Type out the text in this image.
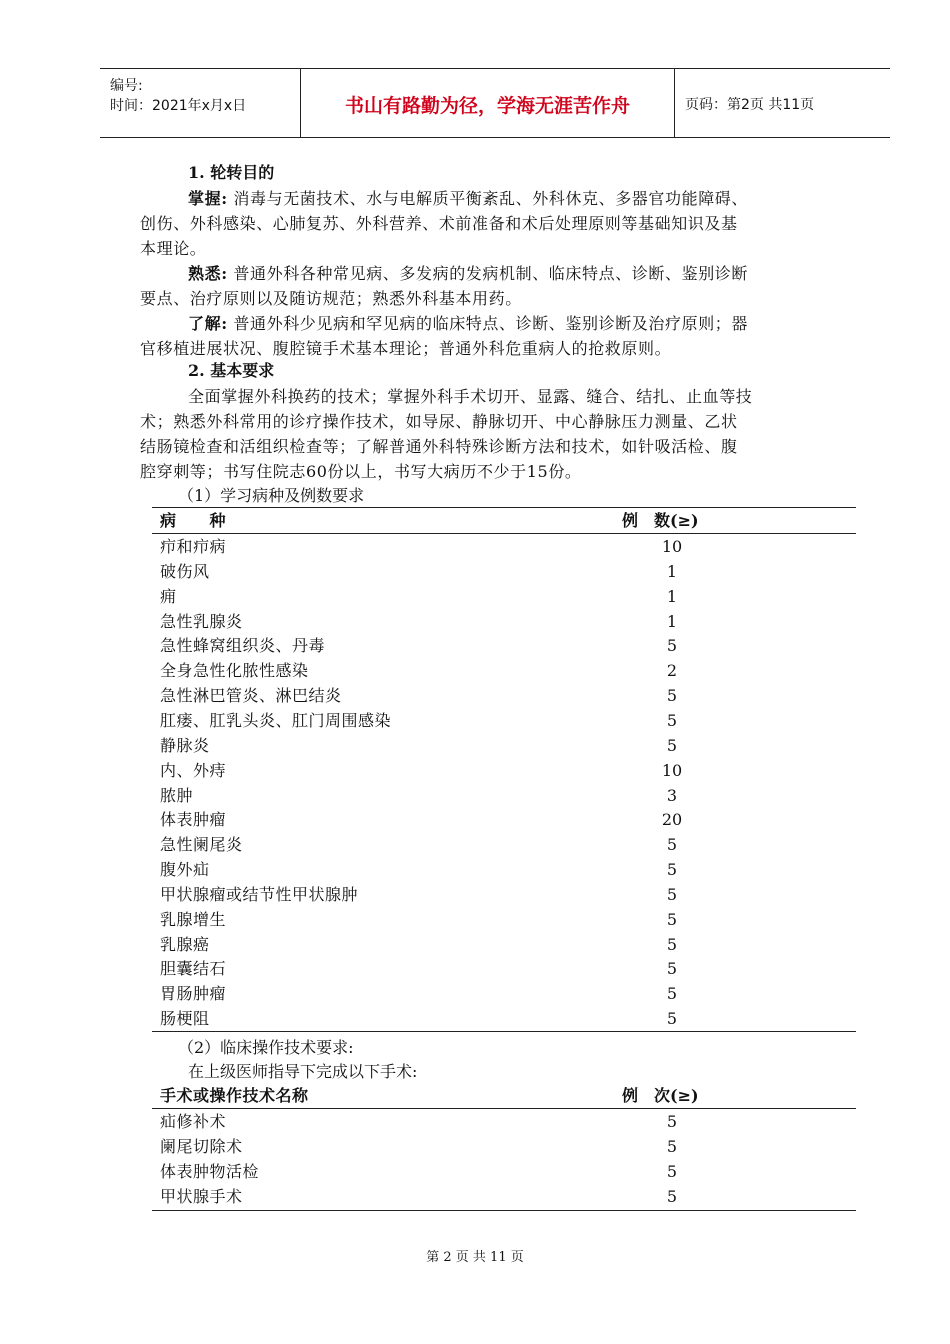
编号:
时间：2021年x月x日	书山有路勤为径，学海无涯苦作舟	页码：第2页 共11页
1. 轮转目的
掌握: 消毒与无菌技术、水与电解质平衡紊乱、外科休克、多器官功能障碍、
创伤、外科感染、心肺复苏、外科营养、术前准备和术后处理原则等基础知识及基
本理论。
熟悉: 普通外科各种常见病、多发病的发病机制、临床特点、诊断、鉴别诊断
要点、治疗原则以及随访规范；熟悉外科基本用药。
了解: 普通外科少见病和罕见病的临床特点、诊断、鉴别诊断及治疗原则；器
官移植进展状况、腹腔镜手术基本理论；普通外科危重病人的抢救原则。
2. 基本要求
全面掌握外科换药的技术；掌握外科手术切开、显露、缝合、结扎、止血等技
术；熟悉外科常用的诊疗操作技术，如导尿、静脉切开、中心静脉压力测量、乙状
结肠镜检查和活组织检查等；了解普通外科特殊诊断方法和技术，如针吸活检、腹
腔穿刺等；书写住院志60份以上，书写大病历不少于15份。
（1）学习病种及例数要求
病　　种	例　数(≥)
疖和疖病	10
破伤风	1
痈	1
急性乳腺炎	1
急性蜂窝组织炎、丹毒	5
全身急性化脓性感染	2
急性淋巴管炎、淋巴结炎	5
肛瘘、肛乳头炎、肛门周围感染	5
静脉炎	5
内、外痔	10
脓肿	3
体表肿瘤	20
急性阑尾炎	5
腹外疝	5
甲状腺瘤或结节性甲状腺肿	5
乳腺增生	5
乳腺癌	5
胆囊结石	5
胃肠肿瘤	5
肠梗阻	5
（2）临床操作技术要求:
在上级医师指导下完成以下手术:
手术或操作技术名称	例　次(≥)
疝修补术	5
阑尾切除术	5
体表肿物活检	5
甲状腺手术	5
第 2 页 共 11 页
